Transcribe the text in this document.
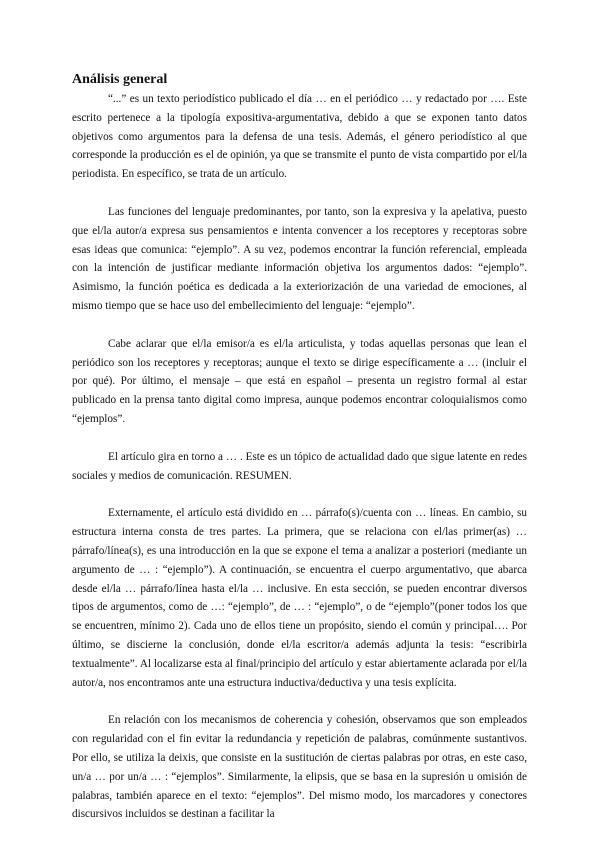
Análisis general

“...” es un texto periodístico publicado el día … en el periódico … y redactado por …. Este escrito pertenece a la tipología expositiva-argumentativa, debido a que se exponen tanto datos objetivos como argumentos para la defensa de una tesis. Además, el género periodístico al que corresponde la producción es el de opinión, ya que se transmite el punto de vista compartido por el/la periodista. En específico, se trata de un artículo.

Las funciones del lenguaje predominantes, por tanto, son la expresiva y la apelativa, puesto que el/la autor/a expresa sus pensamientos e intenta convencer a los receptores y receptoras sobre esas ideas que comunica: “ejemplo”. A su vez, podemos encontrar la función referencial, empleada con la intención de justificar mediante información objetiva los argumentos dados: “ejemplo”. Asimismo, la función poética es dedicada a la exteriorización de una variedad de emociones, al mismo tiempo que se hace uso del embellecimiento del lenguaje: “ejemplo”.

Cabe aclarar que el/la emisor/a es el/la articulista, y todas aquellas personas que lean el periódico son los receptores y receptoras; aunque el texto se dirige específicamente a … (incluir el por qué). Por último, el mensaje – que está en español – presenta un registro formal al estar publicado en la prensa tanto digital como impresa, aunque podemos encontrar coloquialismos como “ejemplos”.

El artículo gira en torno a … . Este es un tópico de actualidad dado que sigue latente en redes sociales y medios de comunicación. RESUMEN.

Externamente, el artículo está dividido en … párrafo(s)/cuenta con … líneas. En cambio, su estructura interna consta de tres partes. La primera, que se relaciona con el/las primer(as) … párrafo/línea(s), es una introducción en la que se expone el tema a analizar a posteriori (mediante un argumento de … : “ejemplo”). A continuación, se encuentra el cuerpo argumentativo, que abarca desde el/la … párrafo/línea hasta el/la … inclusive. En esta sección, se pueden encontrar diversos tipos de argumentos, como de …: “ejemplo”, de … : “ejemplo”, o de “ejemplo”(poner todos los que se encuentren, mínimo 2). Cada uno de ellos tiene un propósito, siendo el común y principal…. Por último, se discierne la conclusión, donde el/la escritor/a además adjunta la tesis: “escribirla textualmente”. Al localizarse esta al final/principio del artículo y estar abiertamente aclarada por el/la autor/a, nos encontramos ante una estructura inductiva/deductiva y una tesis explícita.

En relación con los mecanismos de coherencia y cohesión, observamos que son empleados con regularidad con el fin evitar la redundancia y repetición de palabras, comúnmente sustantivos. Por ello, se utiliza la deixis, que consiste en la sustitución de ciertas palabras por otras, en este caso, un/a … por un/a … : “ejemplos”. Similarmente, la elipsis, que se basa en la supresión u omisión de palabras, también aparece en el texto: “ejemplos”. Del mismo modo, los marcadores y conectores discursivos incluidos se destinan a facilitar la
